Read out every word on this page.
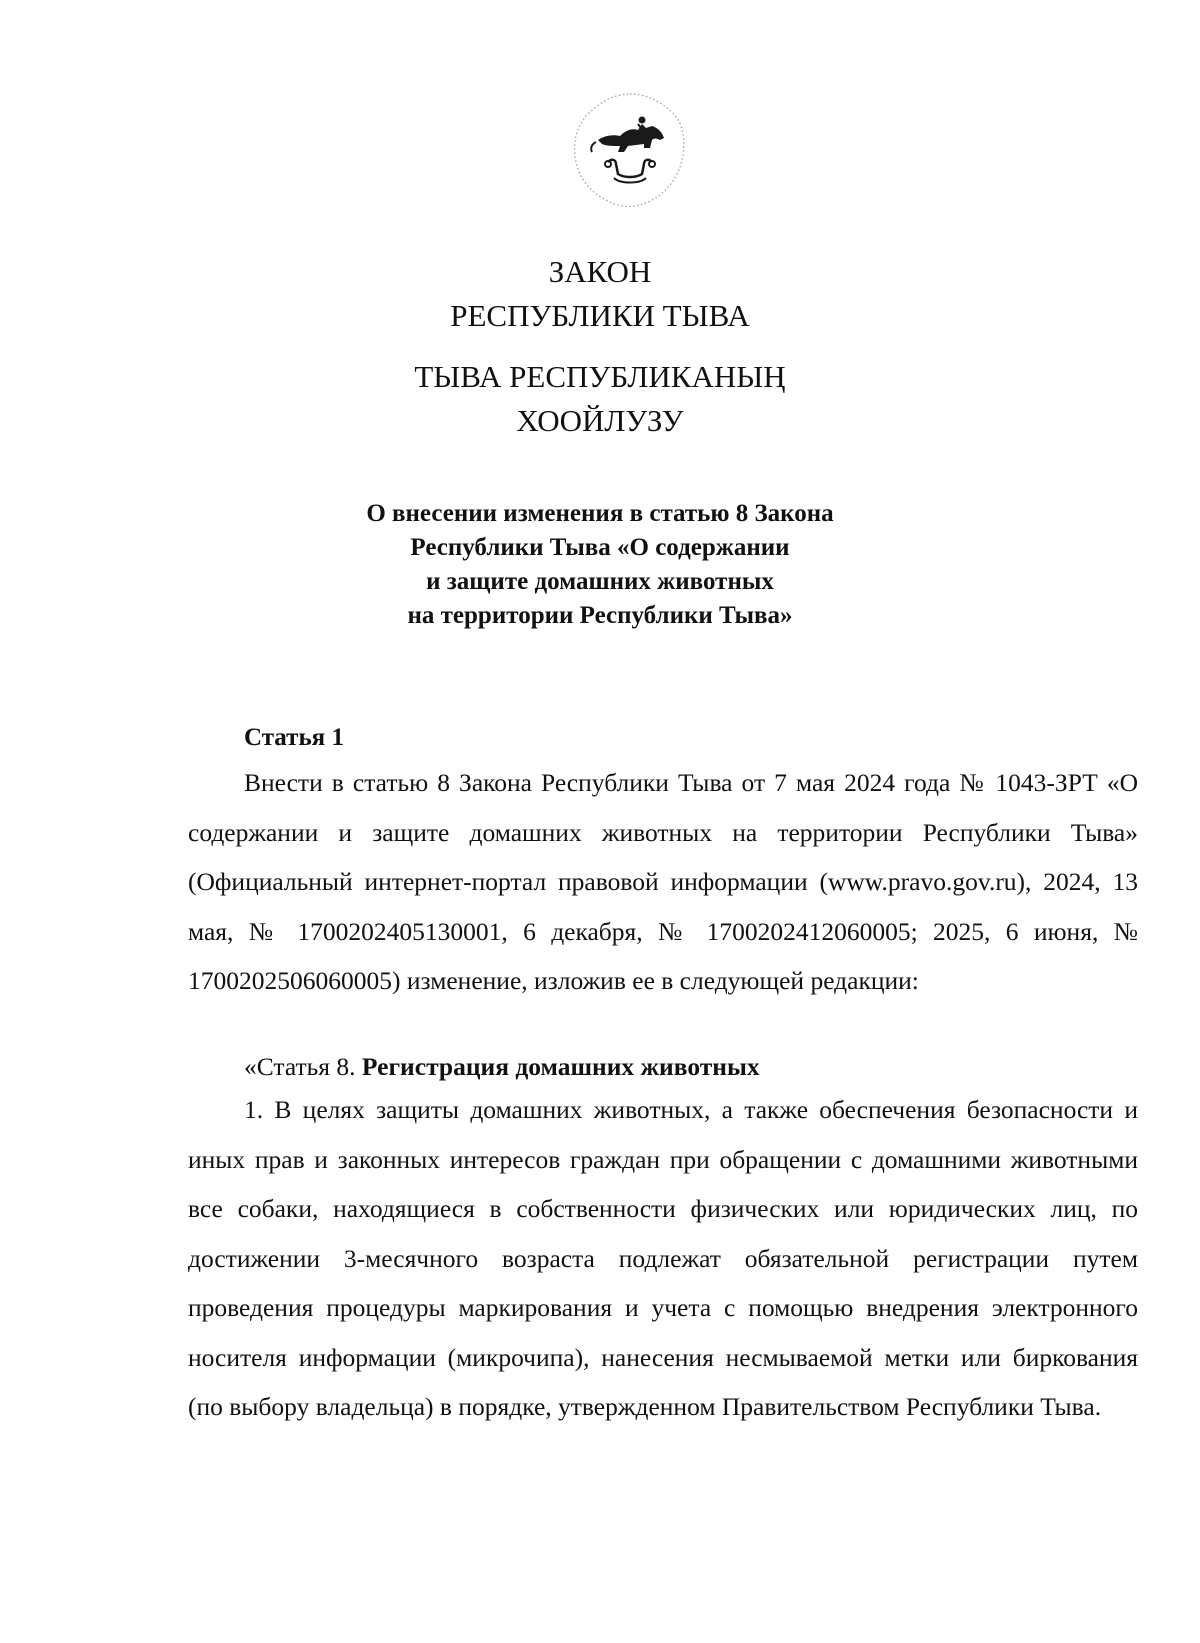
ЗАКОН
РЕСПУБЛИКИ ТЫВА
ТЫВА РЕСПУБЛИКАНЫҢ
ХООЙЛУЗУ
О внесении изменения в статью 8 Закона
Республики Тыва «О содержании
и защите домашних животных
на территории Республики Тыва»
Статья 1

Внести в статью 8 Закона Республики Тыва от 7 мая 2024 года № 1043-ЗРТ «О содержании и защите домашних животных на территории Республики Тыва» (Официальный интернет-портал правовой информации (www.pravo.gov.ru), 2024, 13 мая, № 1700202405130001, 6 декабря, № 1700202412060005; 2025, 6 июня, № 1700202506060005) изменение, изложив ее в следующей редакции:

«Статья 8. Регистрация домашних животных

1. В целях защиты домашних животных, а также обеспечения безопасности и иных прав и законных интересов граждан при обращении с домашними животными все собаки, находящиеся в собственности физических или юридических лиц, по достижении 3-месячного возраста подлежат обязательной регистрации путем проведения процедуры маркирования и учета с помощью внедрения электронного носителя информации (микрочипа), нанесения несмываемой метки или биркования (по выбору владельца) в порядке, утвержденном Правительством Республики Тыва.
